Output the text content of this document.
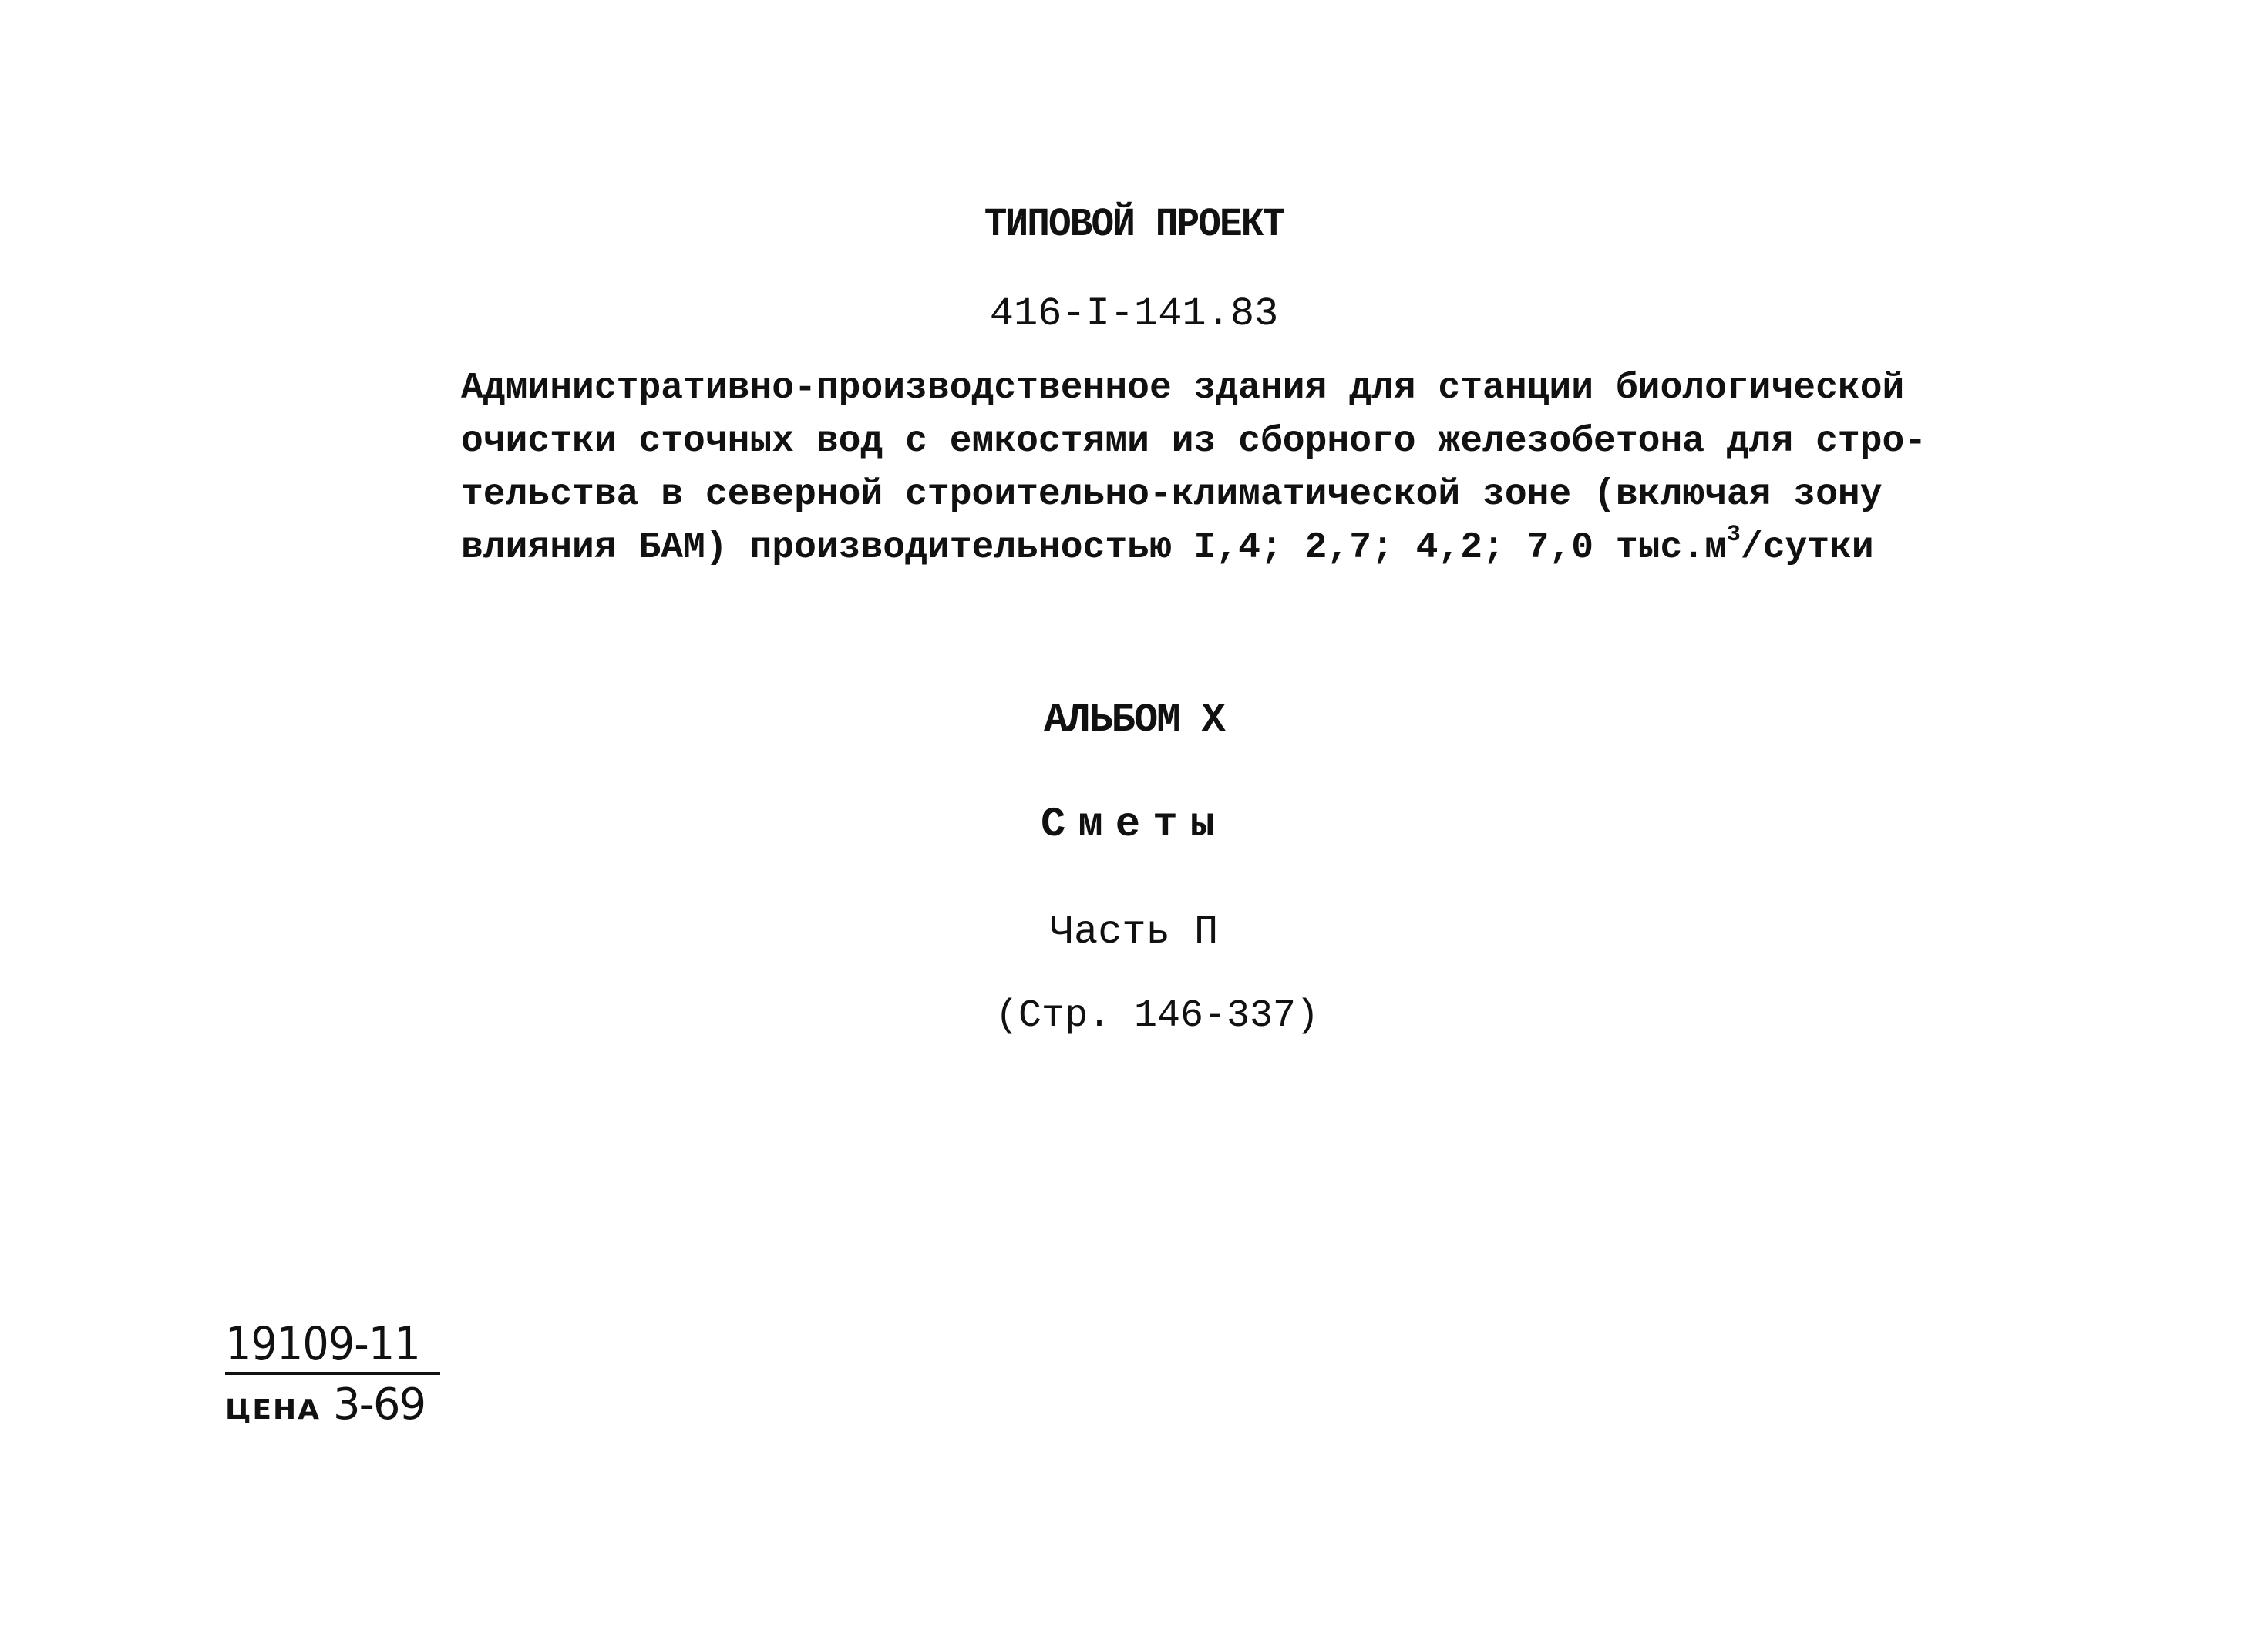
ТИПОВОЙ ПРОЕКТ
416-I-141.83
Административно-производственное здания для станции биологической
очистки сточных вод с емкостями из сборного железобетона для стро-
тельства в северной строительно-климатической зоне (включая зону
влияния БАМ) производительностью I,4; 2,7; 4,2; 7,0 $тыс.м^3$/сутки
АЛЬБОМ Х
Сметы
Часть П
(Стр. 146-337)
19109-11
ЦЕНА 3-69
